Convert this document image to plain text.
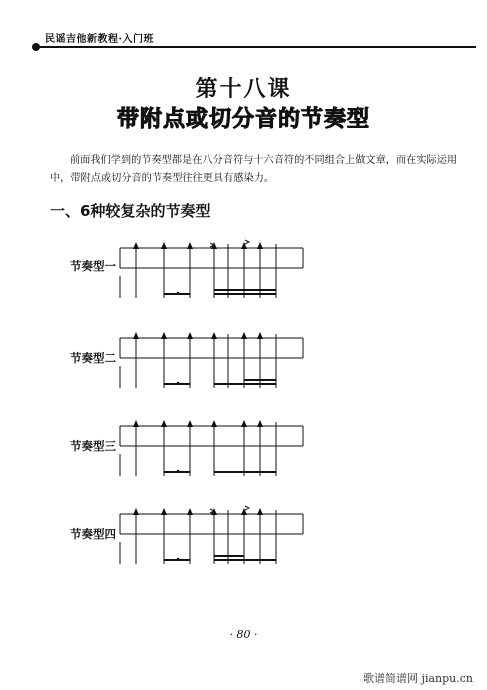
民谣吉他新教程·入门班
第十八课
带附点或切分音的节奏型
前面我们学到的节奏型都是在八分音符与十六音符的不同组合上做文章，而在实际运用中，带附点或切分音的节奏型往往更具有感染力。
一、6种较复杂的节奏型
节奏型一
节奏型二
节奏型三
节奏型四
· 80 ·
歌谱简谱网 jianpu.cn
